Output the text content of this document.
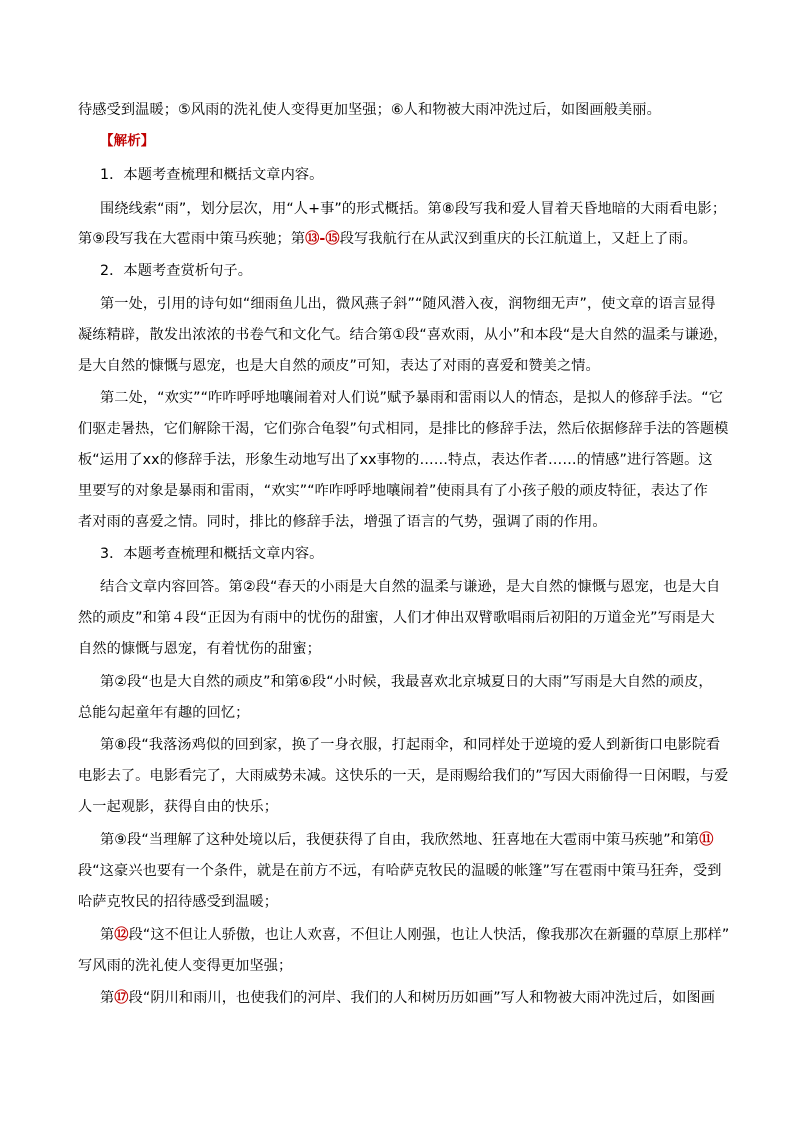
待感受到温暖；⑤风雨的洗礼使人变得更加坚强；⑥人和物被大雨冲洗过后，如图画般美丽。
【解析】
1．本题考查梳理和概括文章内容。
围绕线索“雨”，划分层次，用“人+事”的形式概括。第⑧段写我和爱人冒着天昏地暗的大雨看电影；
第⑨段写我在大雹雨中策马疾驰；第⑬-⑮段写我航行在从武汉到重庆的长江航道上，又赶上了雨。
2．本题考查赏析句子。
第一处，引用的诗句如“细雨鱼儿出，微风燕子斜”“随风潜入夜，润物细无声”，使文章的语言显得
凝练精辟，散发出浓浓的书卷气和文化气。结合第①段“喜欢雨，从小”和本段“是大自然的温柔与谦逊，
是大自然的慷慨与恩宠，也是大自然的顽皮”可知，表达了对雨的喜爱和赞美之情。
第二处，“欢实”“咋咋呼呼地嚷闹着对人们说”赋予暴雨和雷雨以人的情态，是拟人的修辞手法。“它
们驱走暑热，它们解除干渴，它们弥合龟裂”句式相同，是排比的修辞手法，然后依据修辞手法的答题模
板“运用了xx的修辞手法，形象生动地写出了xx事物的……特点，表达作者……的情感”进行答题。这
里要写的对象是暴雨和雷雨，“欢实”“咋咋呼呼地嚷闹着”使雨具有了小孩子般的顽皮特征，表达了作
者对雨的喜爱之情。同时，排比的修辞手法，增强了语言的气势，强调了雨的作用。
3．本题考查梳理和概括文章内容。
结合文章内容回答。第②段“春天的小雨是大自然的温柔与谦逊，是大自然的慷慨与恩宠，也是大自
然的顽皮”和第４段“正因为有雨中的忧伤的甜蜜，人们才伸出双臂歌唱雨后初阳的万道金光”写雨是大
自然的慷慨与恩宠，有着忧伤的甜蜜；
第②段“也是大自然的顽皮”和第⑥段“小时候，我最喜欢北京城夏日的大雨”写雨是大自然的顽皮，
总能勾起童年有趣的回忆；
第⑧段“我落汤鸡似的回到家，换了一身衣服，打起雨伞，和同样处于逆境的爱人到新街口电影院看
电影去了。电影看完了，大雨威势未减。这快乐的一天，是雨赐给我们的”写因大雨偷得一日闲暇，与爱
人一起观影，获得自由的快乐；
第⑨段“当理解了这种处境以后，我便获得了自由，我欣然地、狂喜地在大雹雨中策马疾驰”和第⑪
段“这豪兴也要有一个条件，就是在前方不远，有哈萨克牧民的温暖的帐篷”写在雹雨中策马狂奔，受到
哈萨克牧民的招待感受到温暖；
第⑫段“这不但让人骄傲，也让人欢喜，不但让人刚强，也让人快活，像我那次在新疆的草原上那样”
写风雨的洗礼使人变得更加坚强；
第⑰段“阴川和雨川，也使我们的河岸、我们的人和树历历如画”写人和物被大雨冲洗过后，如图画
